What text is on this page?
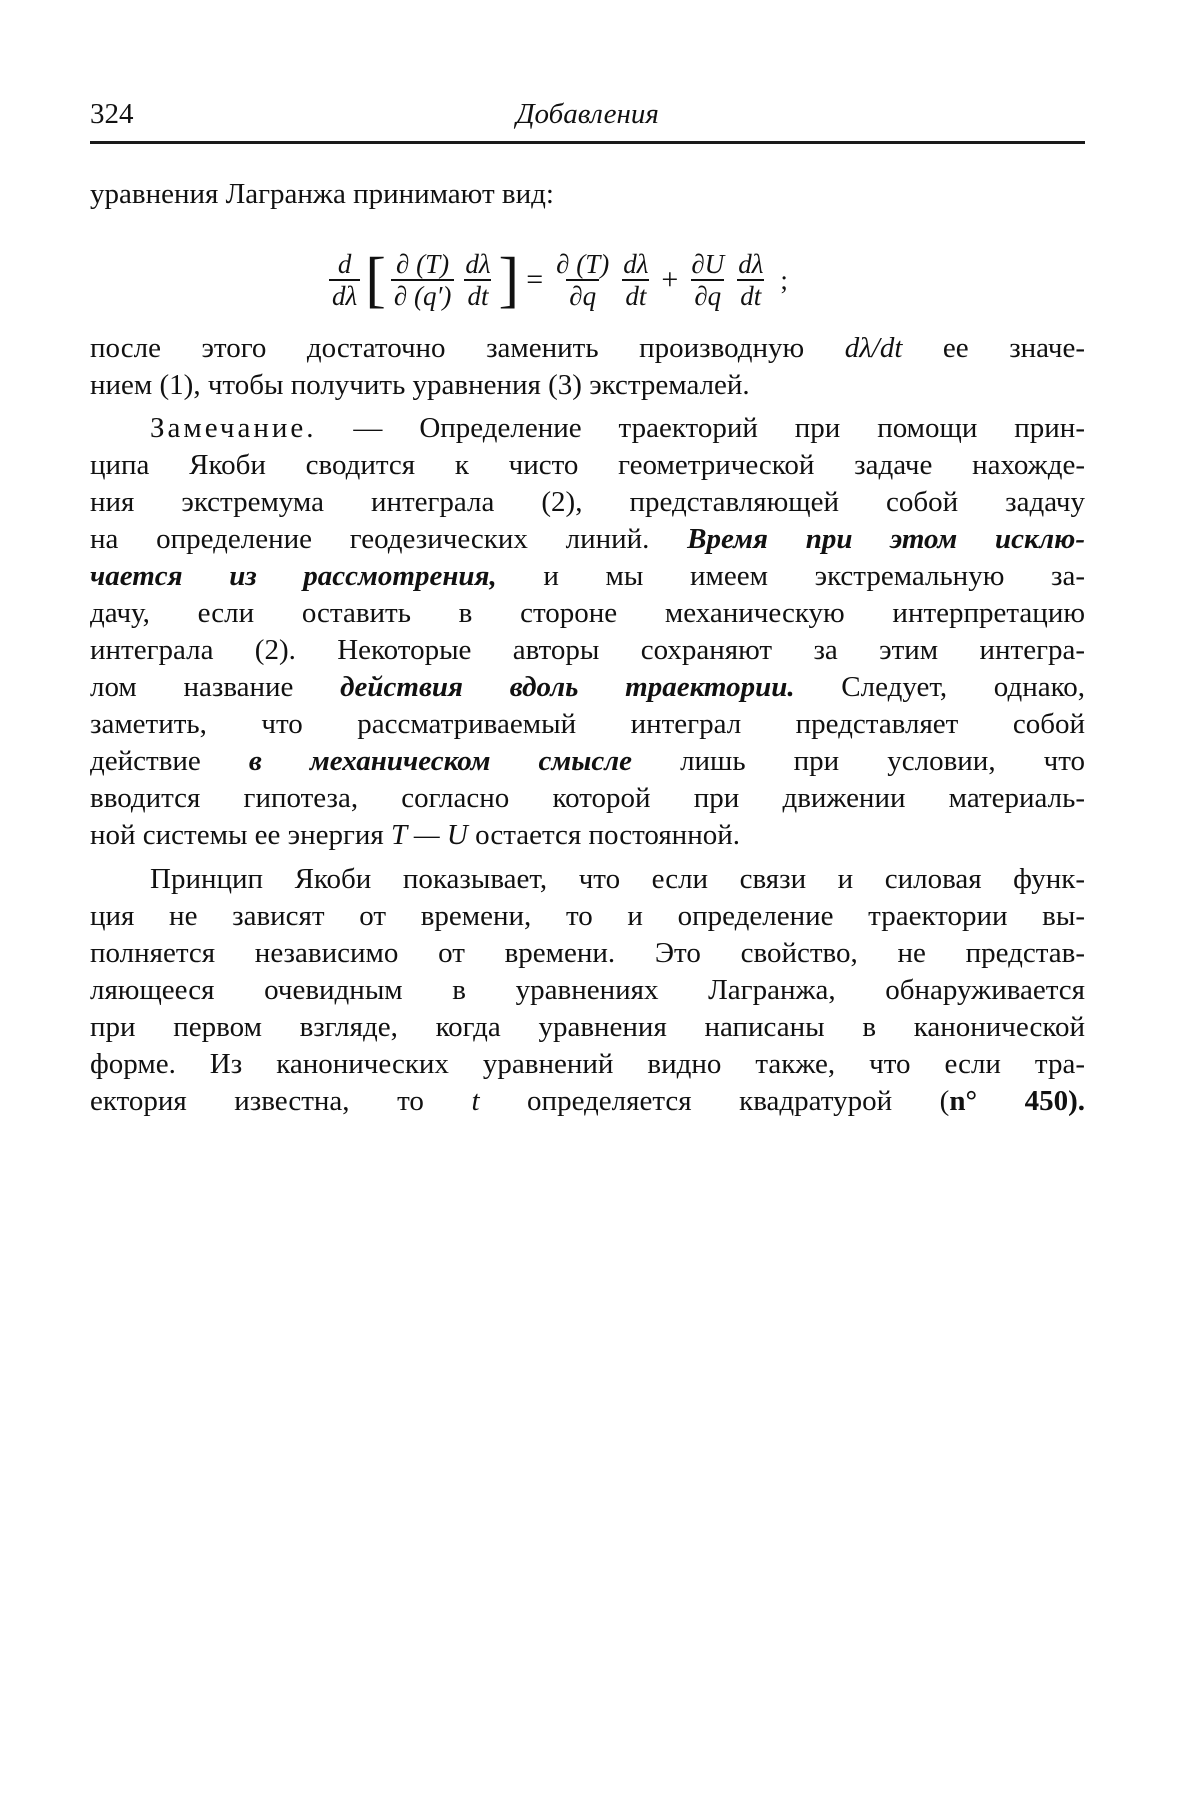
324	Добавления
уравнения Лагранжа принимают вид:
$\frac{d}{d\lambda}$ [ $\frac{\partial (T)}{\partial (q')} \frac{d\lambda}{dt}$ ] = $\frac{\partial (T)}{\partial q} \frac{d\lambda}{dt} + \frac{\partial U}{\partial q} \frac{d\lambda}{dt}$ ;
после этого достаточно заменить производную dλ/dt ее значе-
нием (1), чтобы получить уравнения (3) экстремалей.
Замечание. — Определение траекторий при помощи прин-
ципа Якоби сводится к чисто геометрической задаче нахожде-
ния экстремума интеграла (2), представляющей собой задачу
на определение геодезических линий. Время при этом исклю-
чается из рассмотрения, и мы имеем экстремальную за-
дачу, если оставить в стороне механическую интерпретацию
интеграла (2). Некоторые авторы сохраняют за этим интегра-
лом название действия вдоль траектории. Следует, однако,
заметить, что рассматриваемый интеграл представляет собой
действие в механическом смысле лишь при условии, что
вводится гипотеза, согласно которой при движении материаль-
ной системы ее энергия T — U остается постоянной.
Принцип Якоби показывает, что если связи и силовая функ-
ция не зависят от времени, то и определение траектории вы-
полняется независимо от времени. Это свойство, не представ-
ляющееся очевидным в уравнениях Лагранжа, обнаруживается
при первом взгляде, когда уравнения написаны в канонической
форме. Из канонических уравнений видно также, что если тра-
ектория известна, то t определяется квадратурой (n° 450).
